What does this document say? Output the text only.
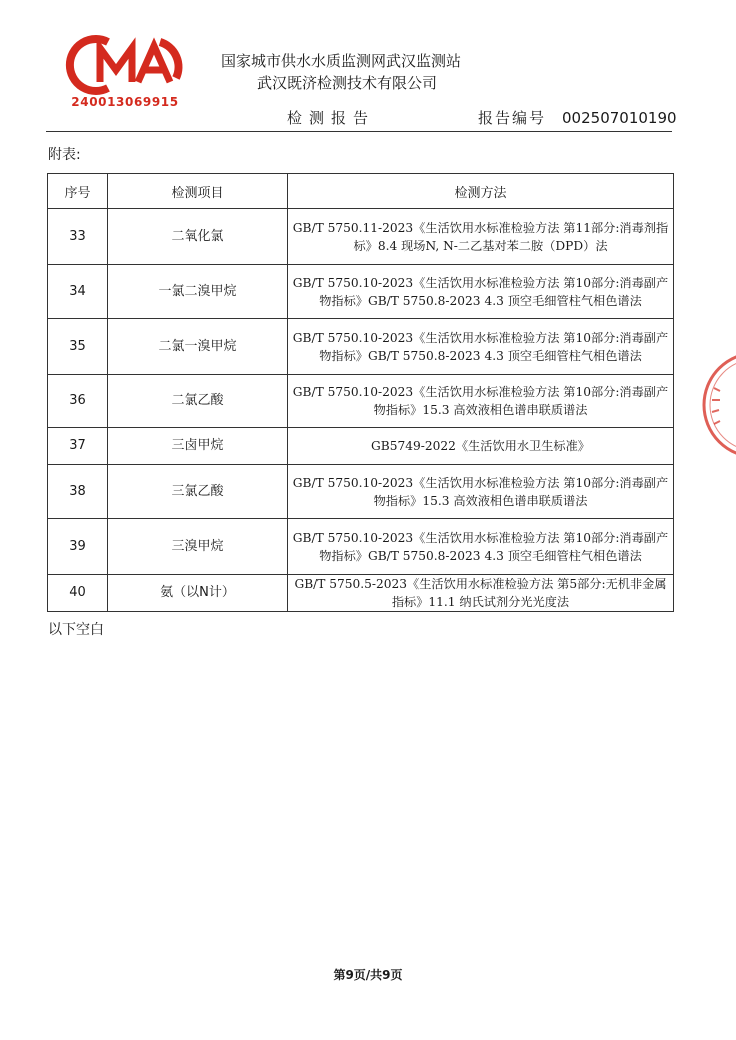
240013069915
国家城市供水水质监测网武汉监测站
武汉既济检测技术有限公司
检测报告	报告编号 002507010190
附表:
序号	检测项目	检测方法
33	二氧化氯	GB/T 5750.11-2023《生活饮用水标准检验方法 第11部分:消毒剂指标》8.4 现场N, N-二乙基对苯二胺（DPD）法
34	一氯二溴甲烷	GB/T 5750.10-2023《生活饮用水标准检验方法 第10部分:消毒副产物指标》GB/T 5750.8-2023 4.3 顶空毛细管柱气相色谱法
35	二氯一溴甲烷	GB/T 5750.10-2023《生活饮用水标准检验方法 第10部分:消毒副产物指标》GB/T 5750.8-2023 4.3 顶空毛细管柱气相色谱法
36	二氯乙酸	GB/T 5750.10-2023《生活饮用水标准检验方法 第10部分:消毒副产物指标》15.3 高效液相色谱串联质谱法
37	三卤甲烷	GB5749-2022《生活饮用水卫生标准》
38	三氯乙酸	GB/T 5750.10-2023《生活饮用水标准检验方法 第10部分:消毒副产物指标》15.3 高效液相色谱串联质谱法
39	三溴甲烷	GB/T 5750.10-2023《生活饮用水标准检验方法 第10部分:消毒副产物指标》GB/T 5750.8-2023 4.3 顶空毛细管柱气相色谱法
40	氨（以N计）	GB/T 5750.5-2023《生活饮用水标准检验方法 第5部分:无机非金属指标》11.1 纳氏试剂分光光度法
以下空白
第9页/共9页
